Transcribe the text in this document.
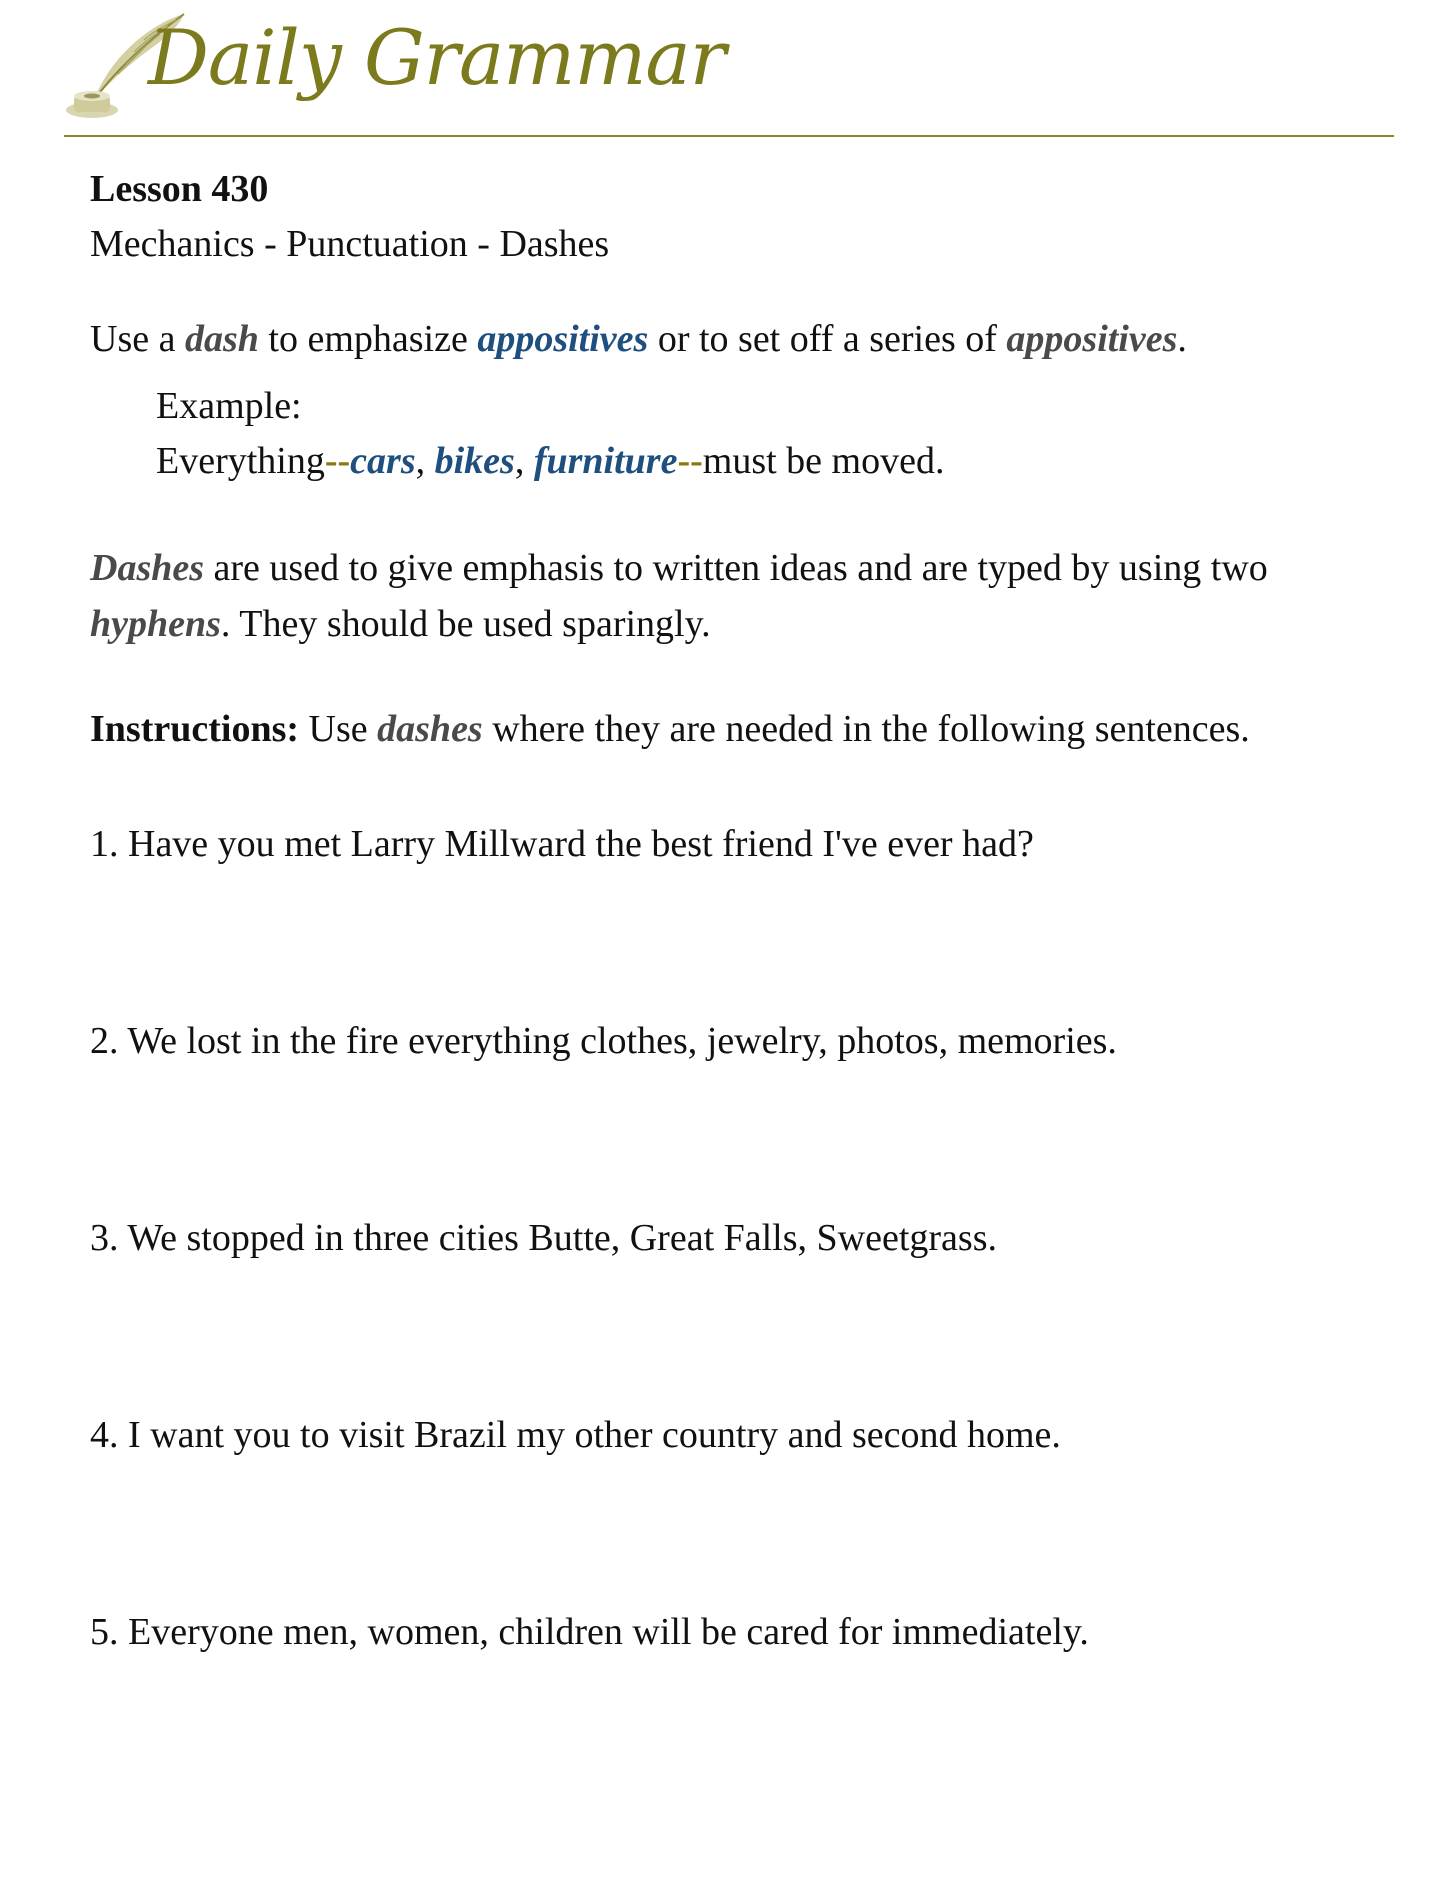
Daily Grammar

Lesson 430

Mechanics - Punctuation - Dashes

Use a dash to emphasize appositives or to set off a series of appositives.

Example:

Everything--cars, bikes, furniture--must be moved.

Dashes are used to give emphasis to written ideas and are typed by using two hyphens. They should be used sparingly.

Instructions: Use dashes where they are needed in the following sentences.

1. Have you met Larry Millward the best friend I've ever had?

2. We lost in the fire everything clothes, jewelry, photos, memories.

3. We stopped in three cities Butte, Great Falls, Sweetgrass.

4. I want you to visit Brazil my other country and second home.

5. Everyone men, women, children will be cared for immediately.
